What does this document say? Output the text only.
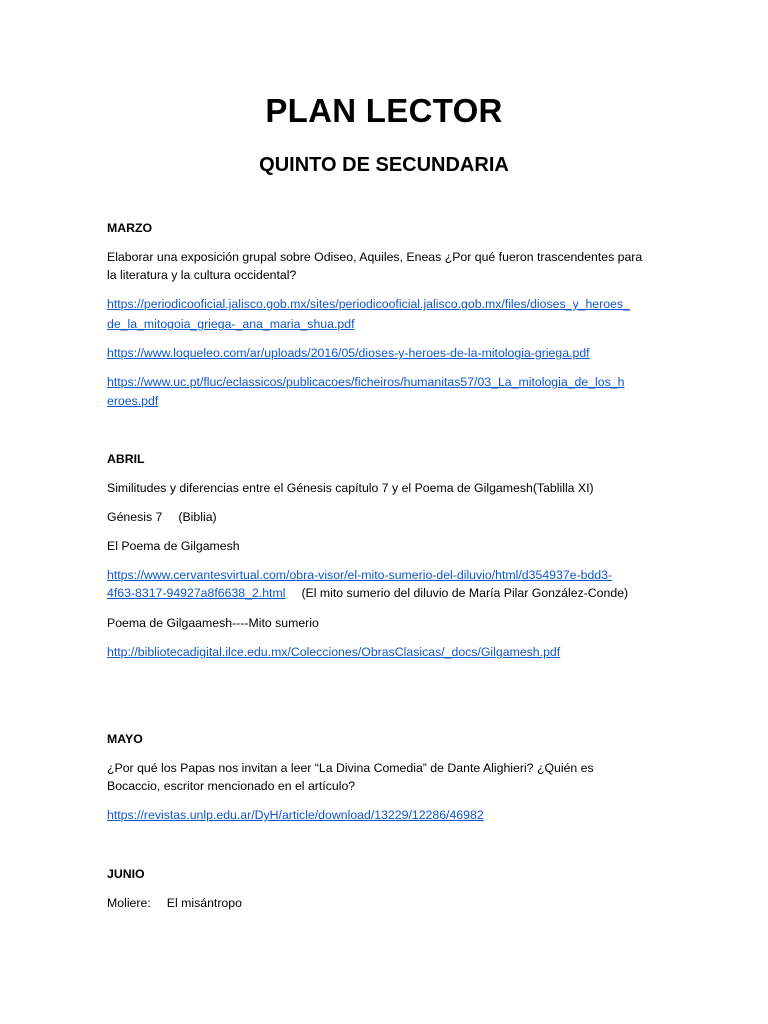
PLAN LECTOR
QUINTO DE SECUNDARIA
MARZO
Elaborar una exposición grupal sobre Odiseo, Aquiles, Eneas ¿Por qué fueron trascendentes para
la literatura y la cultura occidental?
https://periodicooficial.jalisco.gob.mx/sites/periodicooficial.jalisco.gob.mx/files/dioses_y_heroes_
de_la_mitogoia_griega-_ana_maria_shua.pdf
https://www.loqueleo.com/ar/uploads/2016/05/dioses-y-heroes-de-la-mitologia-griega.pdf
https://www.uc.pt/fluc/eclassicos/publicacoes/ficheiros/humanitas57/03_La_mitologia_de_los_h
eroes.pdf
ABRIL
Similitudes y diferencias entre el Génesis capítulo 7 y el Poema de Gilgamesh(Tablilla XI)
Génesis 7 (Biblia)
El Poema de Gilgamesh
https://www.cervantesvirtual.com/obra-visor/el-mito-sumerio-del-diluvio/html/d354937e-bdd3-
4f63-8317-94927a8f6638_2.html (El mito sumerio del diluvio de María Pilar González-Conde)
Poema de Gilgaamesh----Mito sumerio
http://bibliotecadigital.ilce.edu.mx/Colecciones/ObrasClasicas/_docs/Gilgamesh.pdf
MAYO
¿Por qué los Papas nos invitan a leer “La Divina Comedia” de Dante Alighieri? ¿Quién es
Bocaccio, escritor mencionado en el artículo?
https://revistas.unlp.edu.ar/DyH/article/download/13229/12286/46982
JUNIO
Moliere: El misántropo
